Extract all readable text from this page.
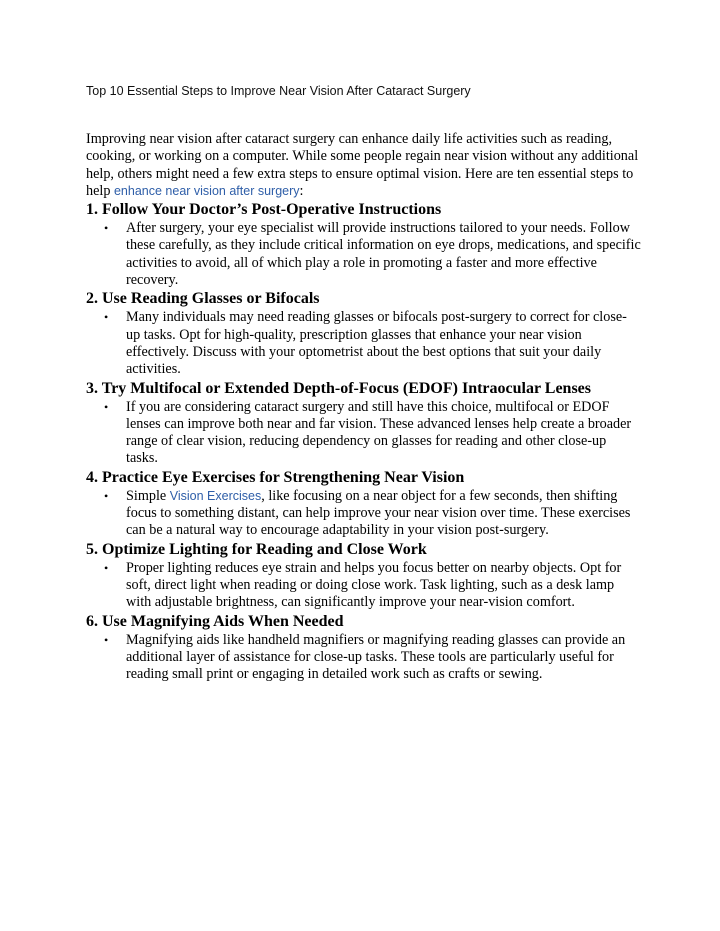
Top 10 Essential Steps to Improve Near Vision After Cataract Surgery

Improving near vision after cataract surgery can enhance daily life activities such as reading, cooking, or working on a computer. While some people regain near vision without any additional help, others might need a few extra steps to ensure optimal vision. Here are ten essential steps to help enhance near vision after surgery:

1. Follow Your Doctor’s Post-Operative Instructions
• After surgery, your eye specialist will provide instructions tailored to your needs. Follow these carefully, as they include critical information on eye drops, medications, and specific activities to avoid, all of which play a role in promoting a faster and more effective recovery.
2. Use Reading Glasses or Bifocals
• Many individuals may need reading glasses or bifocals post-surgery to correct for close-up tasks. Opt for high-quality, prescription glasses that enhance your near vision effectively. Discuss with your optometrist about the best options that suit your daily activities.
3. Try Multifocal or Extended Depth-of-Focus (EDOF) Intraocular Lenses
• If you are considering cataract surgery and still have this choice, multifocal or EDOF lenses can improve both near and far vision. These advanced lenses help create a broader range of clear vision, reducing dependency on glasses for reading and other close-up tasks.
4. Practice Eye Exercises for Strengthening Near Vision
• Simple Vision Exercises, like focusing on a near object for a few seconds, then shifting focus to something distant, can help improve your near vision over time. These exercises can be a natural way to encourage adaptability in your vision post-surgery.
5. Optimize Lighting for Reading and Close Work
• Proper lighting reduces eye strain and helps you focus better on nearby objects. Opt for soft, direct light when reading or doing close work. Task lighting, such as a desk lamp with adjustable brightness, can significantly improve your near-vision comfort.
6. Use Magnifying Aids When Needed
• Magnifying aids like handheld magnifiers or magnifying reading glasses can provide an additional layer of assistance for close-up tasks. These tools are particularly useful for reading small print or engaging in detailed work such as crafts or sewing.
